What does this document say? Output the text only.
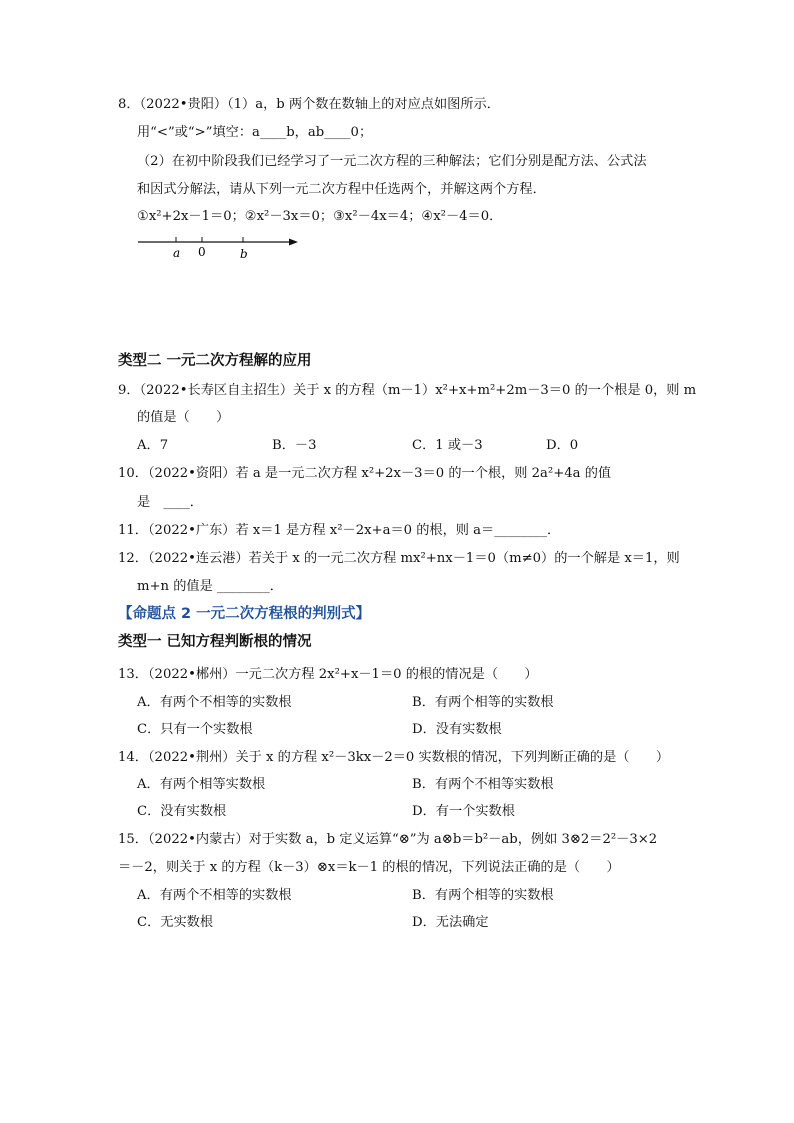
8．（2022•贵阳）（1）a，b 两个数在数轴上的对应点如图所示．
用“<”或“>”填空：a____b，ab____0；
（2）在初中阶段我们已经学习了一元二次方程的三种解法；它们分别是配方法、公式法
和因式分解法，请从下列一元二次方程中任选两个，并解这两个方程．
①x²+2x－1＝0；②x²－3x＝0；③x²－4x＝4；④x²－4＝0．
a 0	b
类型二 一元二次方程解的应用
9．（2022•长寿区自主招生）关于 x 的方程（m－1）x²+x+m²+2m－3＝0 的一个根是 0，则 m
的值是（　　）
A．7	B．－3	C．1 或－3	D．0
10．（2022•资阳）若 a 是一元二次方程 x²+2x－3＝0 的一个根，则 2a²+4a 的值
是　____．
11．（2022•广东）若 x＝1 是方程 x²－2x+a＝0 的根，则 a＝________．
12．（2022•连云港）若关于 x 的一元二次方程 mx²+nx－1＝0（m≠0）的一个解是 x＝1，则
m+n 的值是 ________．
【命题点 2 一元二次方程根的判别式】
类型一 已知方程判断根的情况
13．（2022•郴州）一元二次方程 2x²+x－1＝0 的根的情况是（　　）
A．有两个不相等的实数根	B．有两个相等的实数根
C．只有一个实数根	D．没有实数根
14．（2022•荆州）关于 x 的方程 x²－3kx－2＝0 实数根的情况，下列判断正确的是（　　）
A．有两个相等实数根	B．有两个不相等实数根
C．没有实数根	D．有一个实数根
15．（2022•内蒙古）对于实数 a，b 定义运算“⊗”为 a⊗b＝b²－ab，例如 3⊗2＝2²－3×2
＝－2，则关于 x 的方程（k－3）⊗x＝k－1 的根的情况，下列说法正确的是（　　）
A．有两个不相等的实数根	B．有两个相等的实数根
C．无实数根	D．无法确定
